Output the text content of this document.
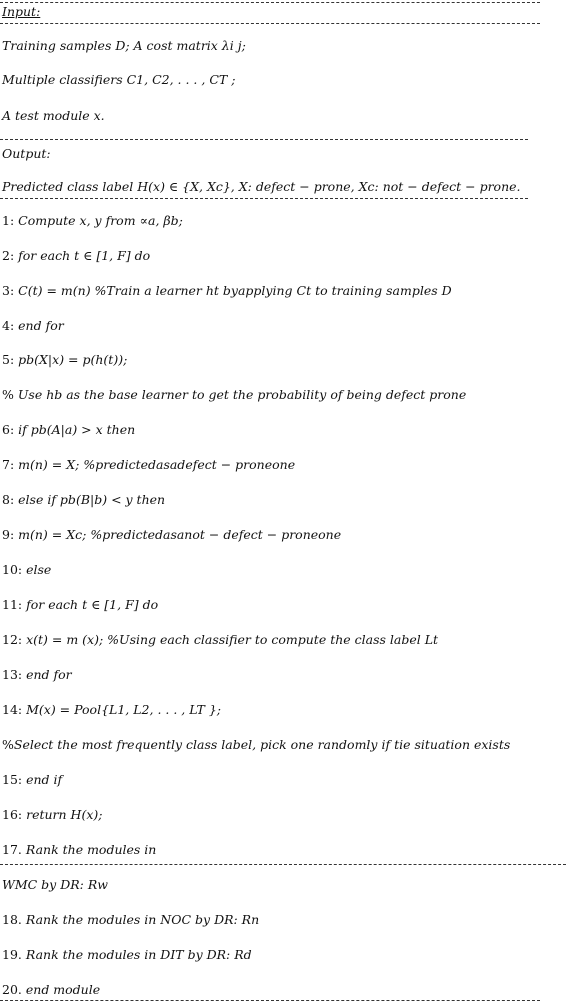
Input:
Training samples D; A cost matrix λi j;
Multiple classifiers C1, C2, . . . , CT ;
A test module x.
Output:
Predicted class label H(x) ∈ {X, Xc}, X: defect − prone, Xc: not − defect − prone.
1: Compute x, y from ∝a, βb;
2: for each t ∈ [1, F] do
3: C(t) = m(n) %Train a learner ht byapplying Ct to training samples D
4: end for
5: pb(X|x) = p(h(t));
% Use hb as the base learner to get the probability of being defect prone
6: if pb(A|a) > x then
7: m(n) = X; %predictedasadefect − proneone
8: else if pb(B|b) < y then
9: m(n) = Xc; %predictedasanot − defect − proneone
10: else
11: for each t ∈ [1, F] do
12: x(t) = m (x); %Using each classifier to compute the class label Lt
13: end for
14: M(x) = Pool{L1, L2, . . . , LT };
%Select the most frequently class label, pick one randomly if tie situation exists
15: end if
16: return H(x);
17. Rank the modules in
WMC by DR: Rw
18. Rank the modules in NOC by DR: Rn
19. Rank the modules in DIT by DR: Rd
20. end module
